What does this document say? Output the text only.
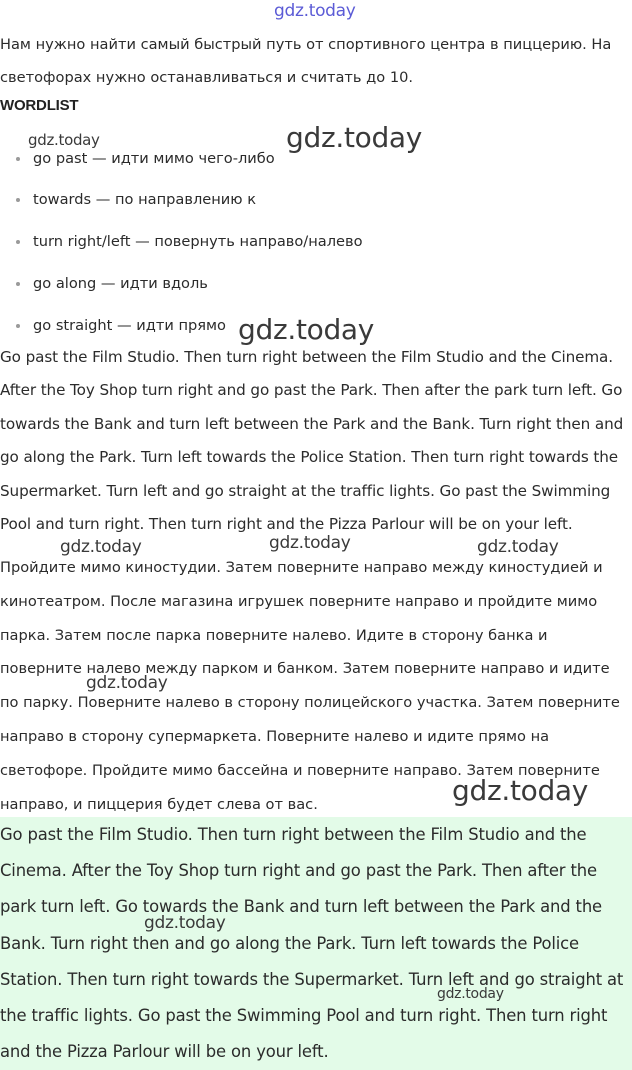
Нам нужно найти самый быстрый путь от спортивного центра в пиццерию. На светофорах нужно останавливаться и считать до 10.
WORDLIST
go past — идти мимо чего-либо
towards — по направлению к
turn right/left — повернуть направо/налево
go along — идти вдоль
go straight — идти прямо
Go past the Film Studio. Then turn right between the Film Studio and the Cinema. After the Toy Shop turn right and go past the Park. Then after the park turn left. Go towards the Bank and turn left between the Park and the Bank. Turn right then and go along the Park. Turn left towards the Police Station. Then turn right towards the Supermarket. Turn left and go straight at the traffic lights. Go past the Swimming Pool and turn right. Then turn right and the Pizza Parlour will be on your left.
Пройдите мимо киностудии. Затем поверните направо между киностудией и кинотеатром. После магазина игрушек поверните направо и пройдите мимо парка. Затем после парка поверните налево. Идите в сторону банка и поверните налево между парком и банком. Затем поверните направо и идите по парку. Поверните налево в сторону полицейского участка. Затем поверните направо в сторону супермаркета. Поверните налево и идите прямо на светофоре. Пройдите мимо бассейна и поверните направо. Затем поверните направо, и пиццерия будет слева от вас.

Go past the Film Studio. Then turn right between the Film Studio and the Cinema. After the Toy Shop turn right and go past the Park. Then after the park turn left. Go towards the Bank and turn left between the Park and the Bank. Turn right then and go along the Park. Turn left towards the Police Station. Then turn right towards the Supermarket. Turn left and go straight at the traffic lights. Go past the Swimming Pool and turn right. Then turn right and the Pizza Parlour will be on your left.

gdz.today
gdz.today	gdz.today
gdz.today
gdz.today	gdz.today	gdz.today
gdz.today
gdz.today
gdz.today
gdz.today
